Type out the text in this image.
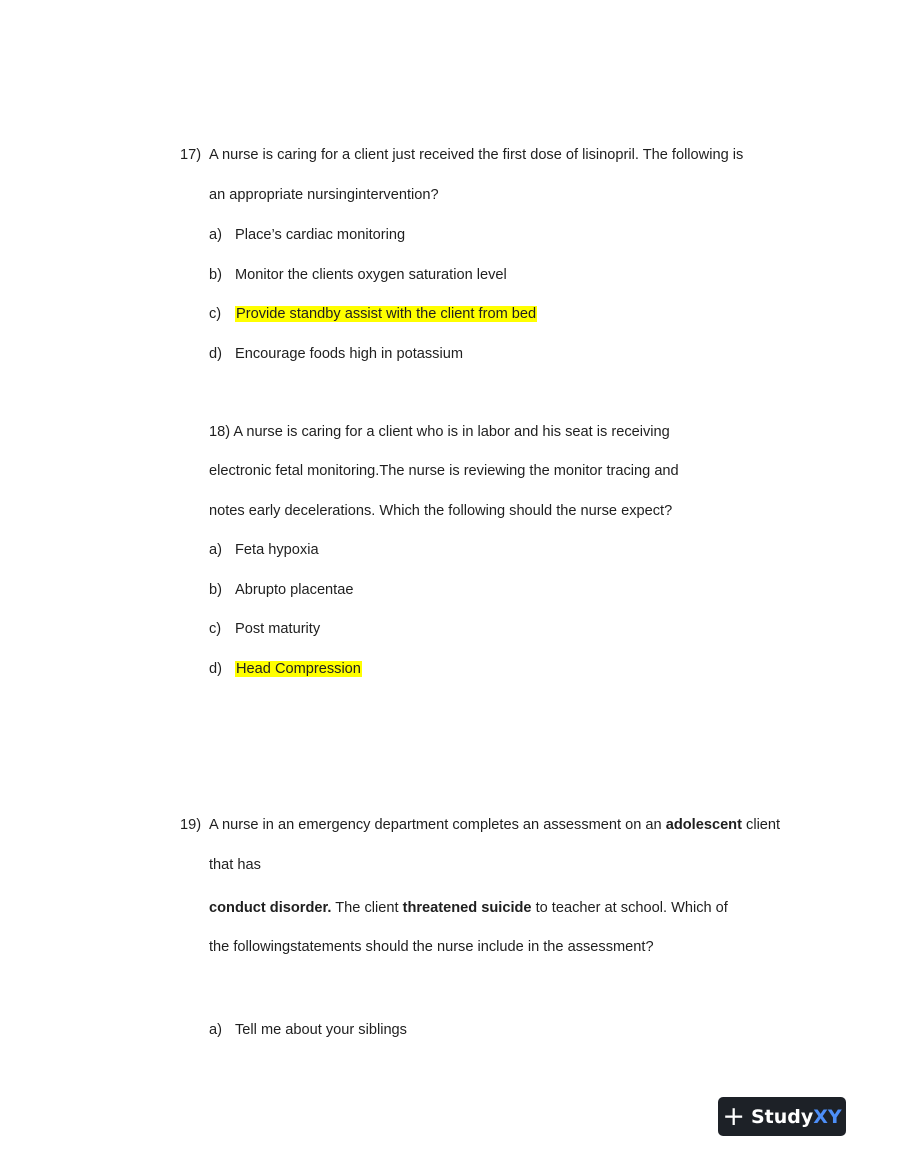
17) A nurse is caring for a client just received the first dose of lisinopril. The following is
an appropriate nursingintervention?
a) Place’s cardiac monitoring
b) Monitor the clients oxygen saturation level
c) Provide standby assist with the client from bed
d) Encourage foods high in potassium
18) A nurse is caring for a client who is in labor and his seat is receiving
electronic fetal monitoring.The nurse is reviewing the monitor tracing and
notes early decelerations. Which the following should the nurse expect?
a) Feta hypoxia
b) Abrupto placentae
c) Post maturity
d) Head Compression
19) A nurse in an emergency department completes an assessment on an adolescent client
that has
conduct disorder. The client threatened suicide to teacher at school. Which of
the followingstatements should the nurse include in the assessment?
a) Tell me about your siblings
+ Study XY
